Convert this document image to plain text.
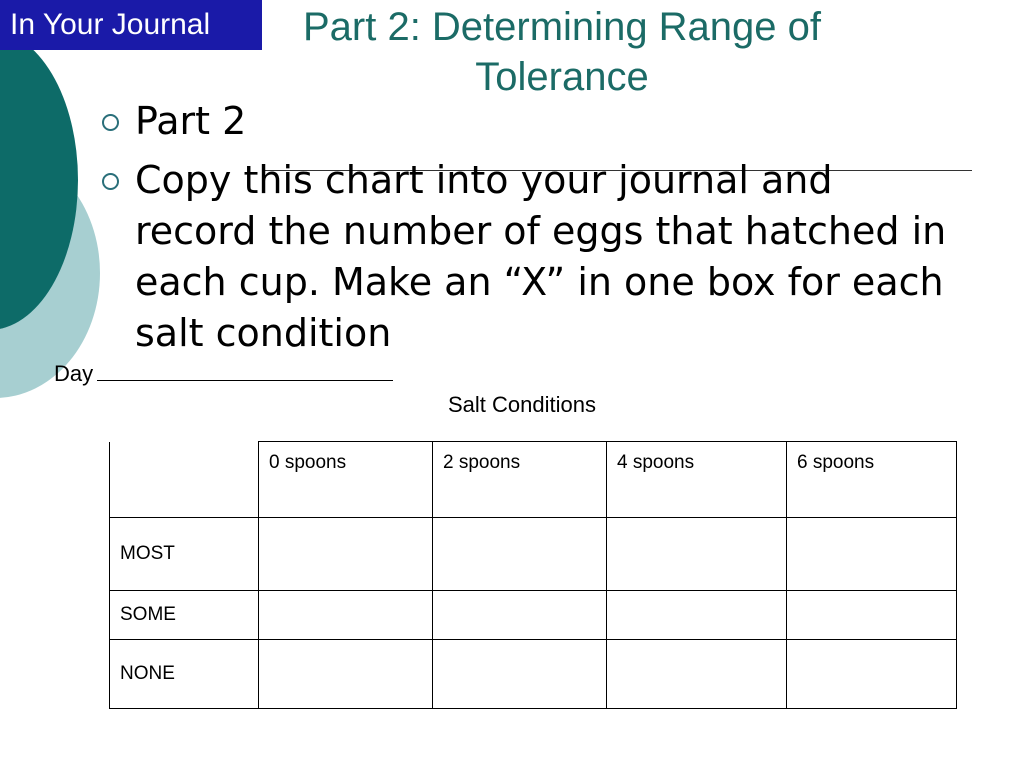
In Your Journal	Part 2: Determining Range of Tolerance
Part 2
Copy this chart into your journal and record the number of eggs that hatched in each cup. Make an “X” in one box for each salt condition
Day
Salt Conditions
	0 spoons	2 spoons	4 spoons	6 spoons
MOST				
SOME				
NONE				
